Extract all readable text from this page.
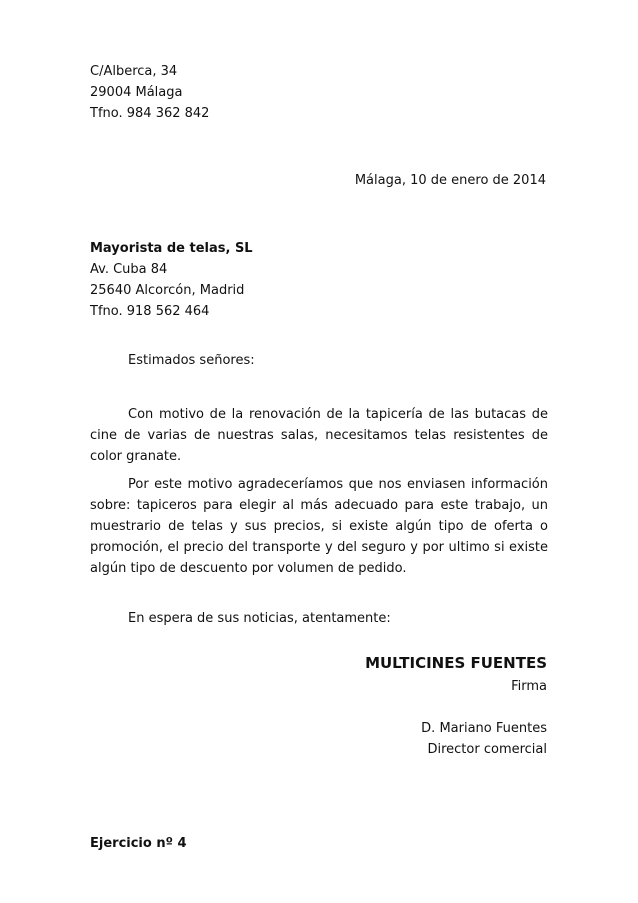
C/Alberca, 34
29004 Málaga
Tfno. 984 362 842
Málaga, 10 de enero de 2014
Mayorista de telas, SL
Av. Cuba 84
25640 Alcorcón, Madrid
Tfno. 918 562 464
Estimados señores:

Con motivo de la renovación de la tapicería de las butacas de cine de varias de nuestras salas, necesitamos telas resistentes de color granate.

Por este motivo agradeceríamos que nos enviasen información sobre: tapiceros para elegir al más adecuado para este trabajo, un muestrario de telas y sus precios, si existe algún tipo de oferta o promoción, el precio del transporte y del seguro y por ultimo si existe algún tipo de descuento por volumen de pedido.

En espera de sus noticias, atentamente:
MULTICINES FUENTES
Firma
D. Mariano Fuentes
Director comercial
Ejercicio nº 4
